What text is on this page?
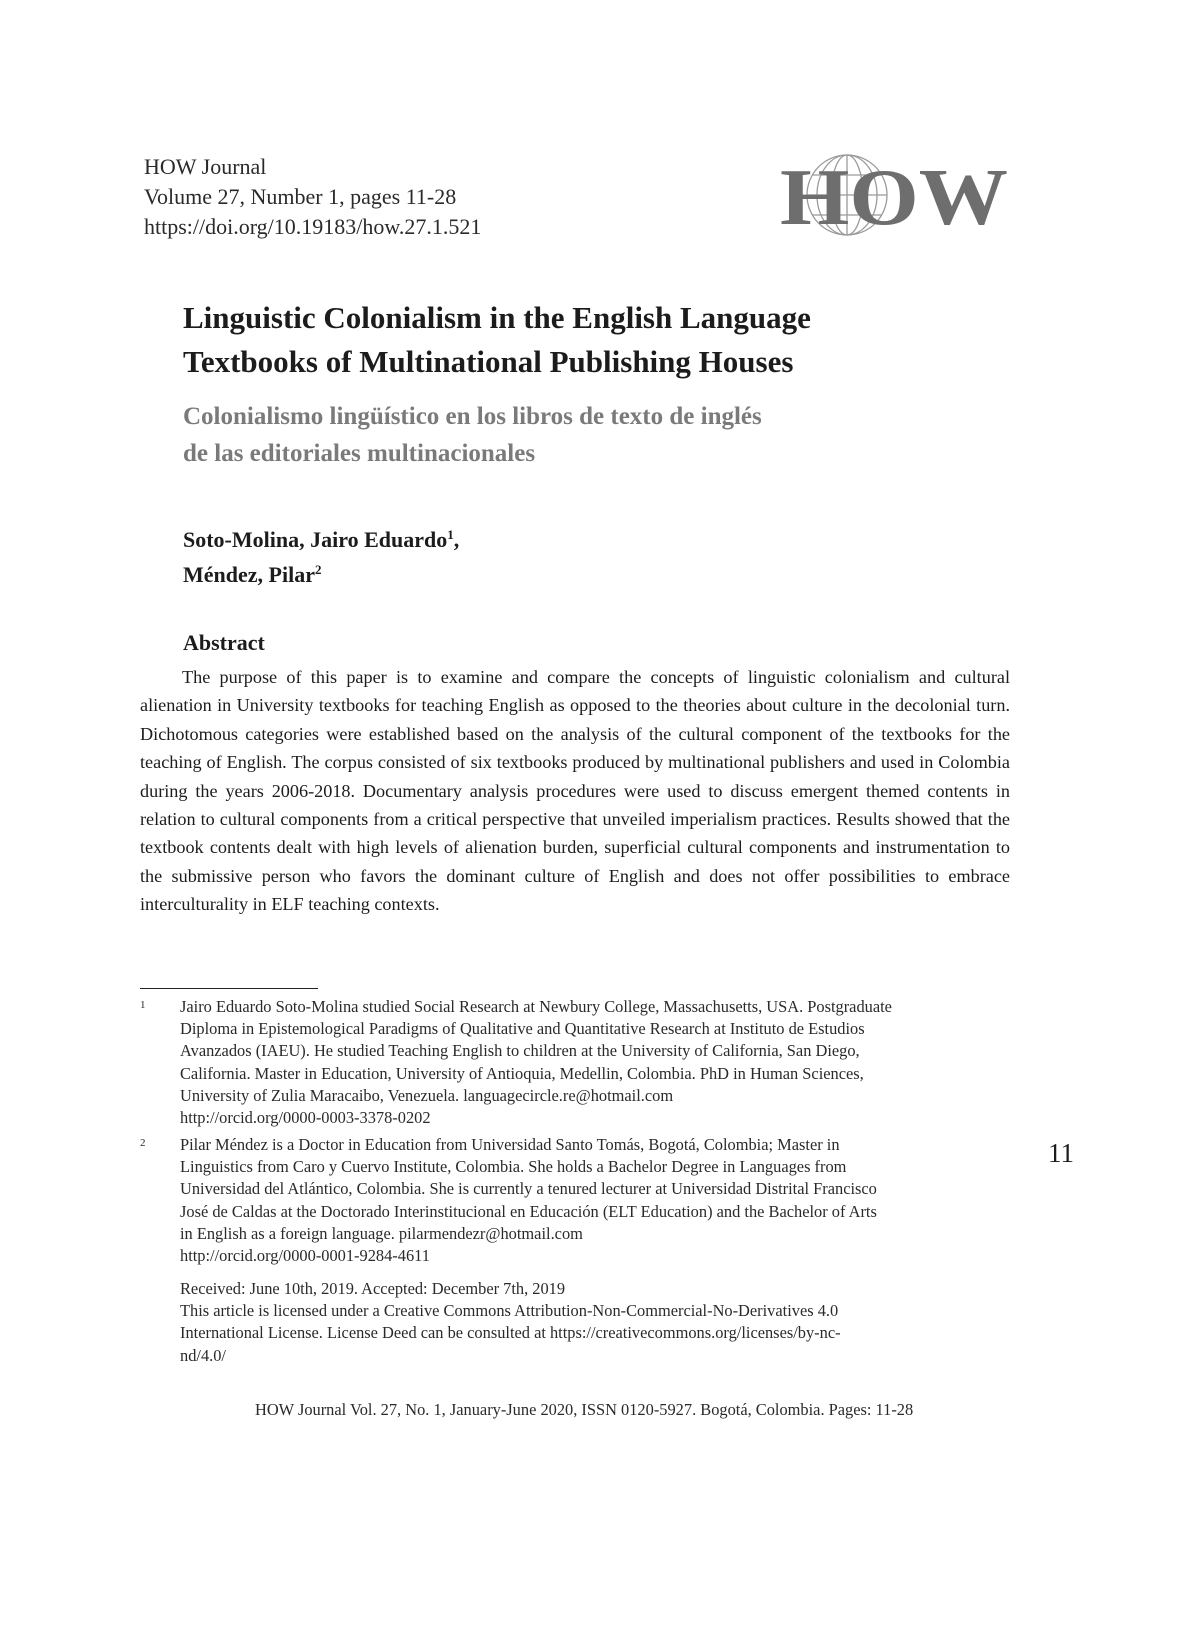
HOW Journal
Volume 27, Number 1, pages 11-28
https://doi.org/10.19183/how.27.1.521	HOW
Linguistic Colonialism in the English Language
Textbooks of Multinational Publishing Houses
Colonialismo lingüístico en los libros de texto de inglés
de las editoriales multinacionales
Soto-Molina, Jairo Eduardo$^1$,
Méndez, Pilar$^2$
Abstract

The purpose of this paper is to examine and compare the concepts of linguistic colonialism and cultural alienation in University textbooks for teaching English as opposed to the theories about culture in the decolonial turn. Dichotomous categories were established based on the analysis of the cultural component of the textbooks for the teaching of English. The corpus consisted of six textbooks produced by multinational publishers and used in Colombia during the years 2006-2018. Documentary analysis procedures were used to discuss emergent themed contents in relation to cultural components from a critical perspective that unveiled imperialism practices. Results showed that the textbook contents dealt with high levels of alienation burden, superficial cultural components and instrumentation to the submissive person who favors the dominant culture of English and does not offer possibilities to embrace interculturality in ELF teaching contexts.

1 Jairo Eduardo Soto-Molina studied Social Research at Newbury College, Massachusetts, USA. Postgraduate
Diploma in Epistemological Paradigms of Qualitative and Quantitative Research at Instituto de Estudios
Avanzados (IAEU). He studied Teaching English to children at the University of California, San Diego,
California. Master in Education, University of Antioquia, Medellin, Colombia. PhD in Human Sciences,
University of Zulia Maracaibo, Venezuela. languagecircle.re@hotmail.com
http://orcid.org/0000-0003-3378-0202
2 Pilar Méndez is a Doctor in Education from Universidad Santo Tomás, Bogotá, Colombia; Master in
Linguistics from Caro y Cuervo Institute, Colombia. She holds a Bachelor Degree in Languages from
Universidad del Atlántico, Colombia. She is currently a tenured lecturer at Universidad Distrital Francisco
José de Caldas at the Doctorado Interinstitucional en Educación (ELT Education) and the Bachelor of Arts
in English as a foreign language. pilarmendezr@hotmail.com
http://orcid.org/0000-0001-9284-4611
Received: June 10th, 2019. Accepted: December 7th, 2019
This article is licensed under a Creative Commons Attribution-Non-Commercial-No-Derivatives 4.0
International License. License Deed can be consulted at https://creativecommons.org/licenses/by-nc-
nd/4.0/
11
HOW Journal Vol. 27, No. 1, January-June 2020, ISSN 0120-5927. Bogotá, Colombia. Pages: 11-28
